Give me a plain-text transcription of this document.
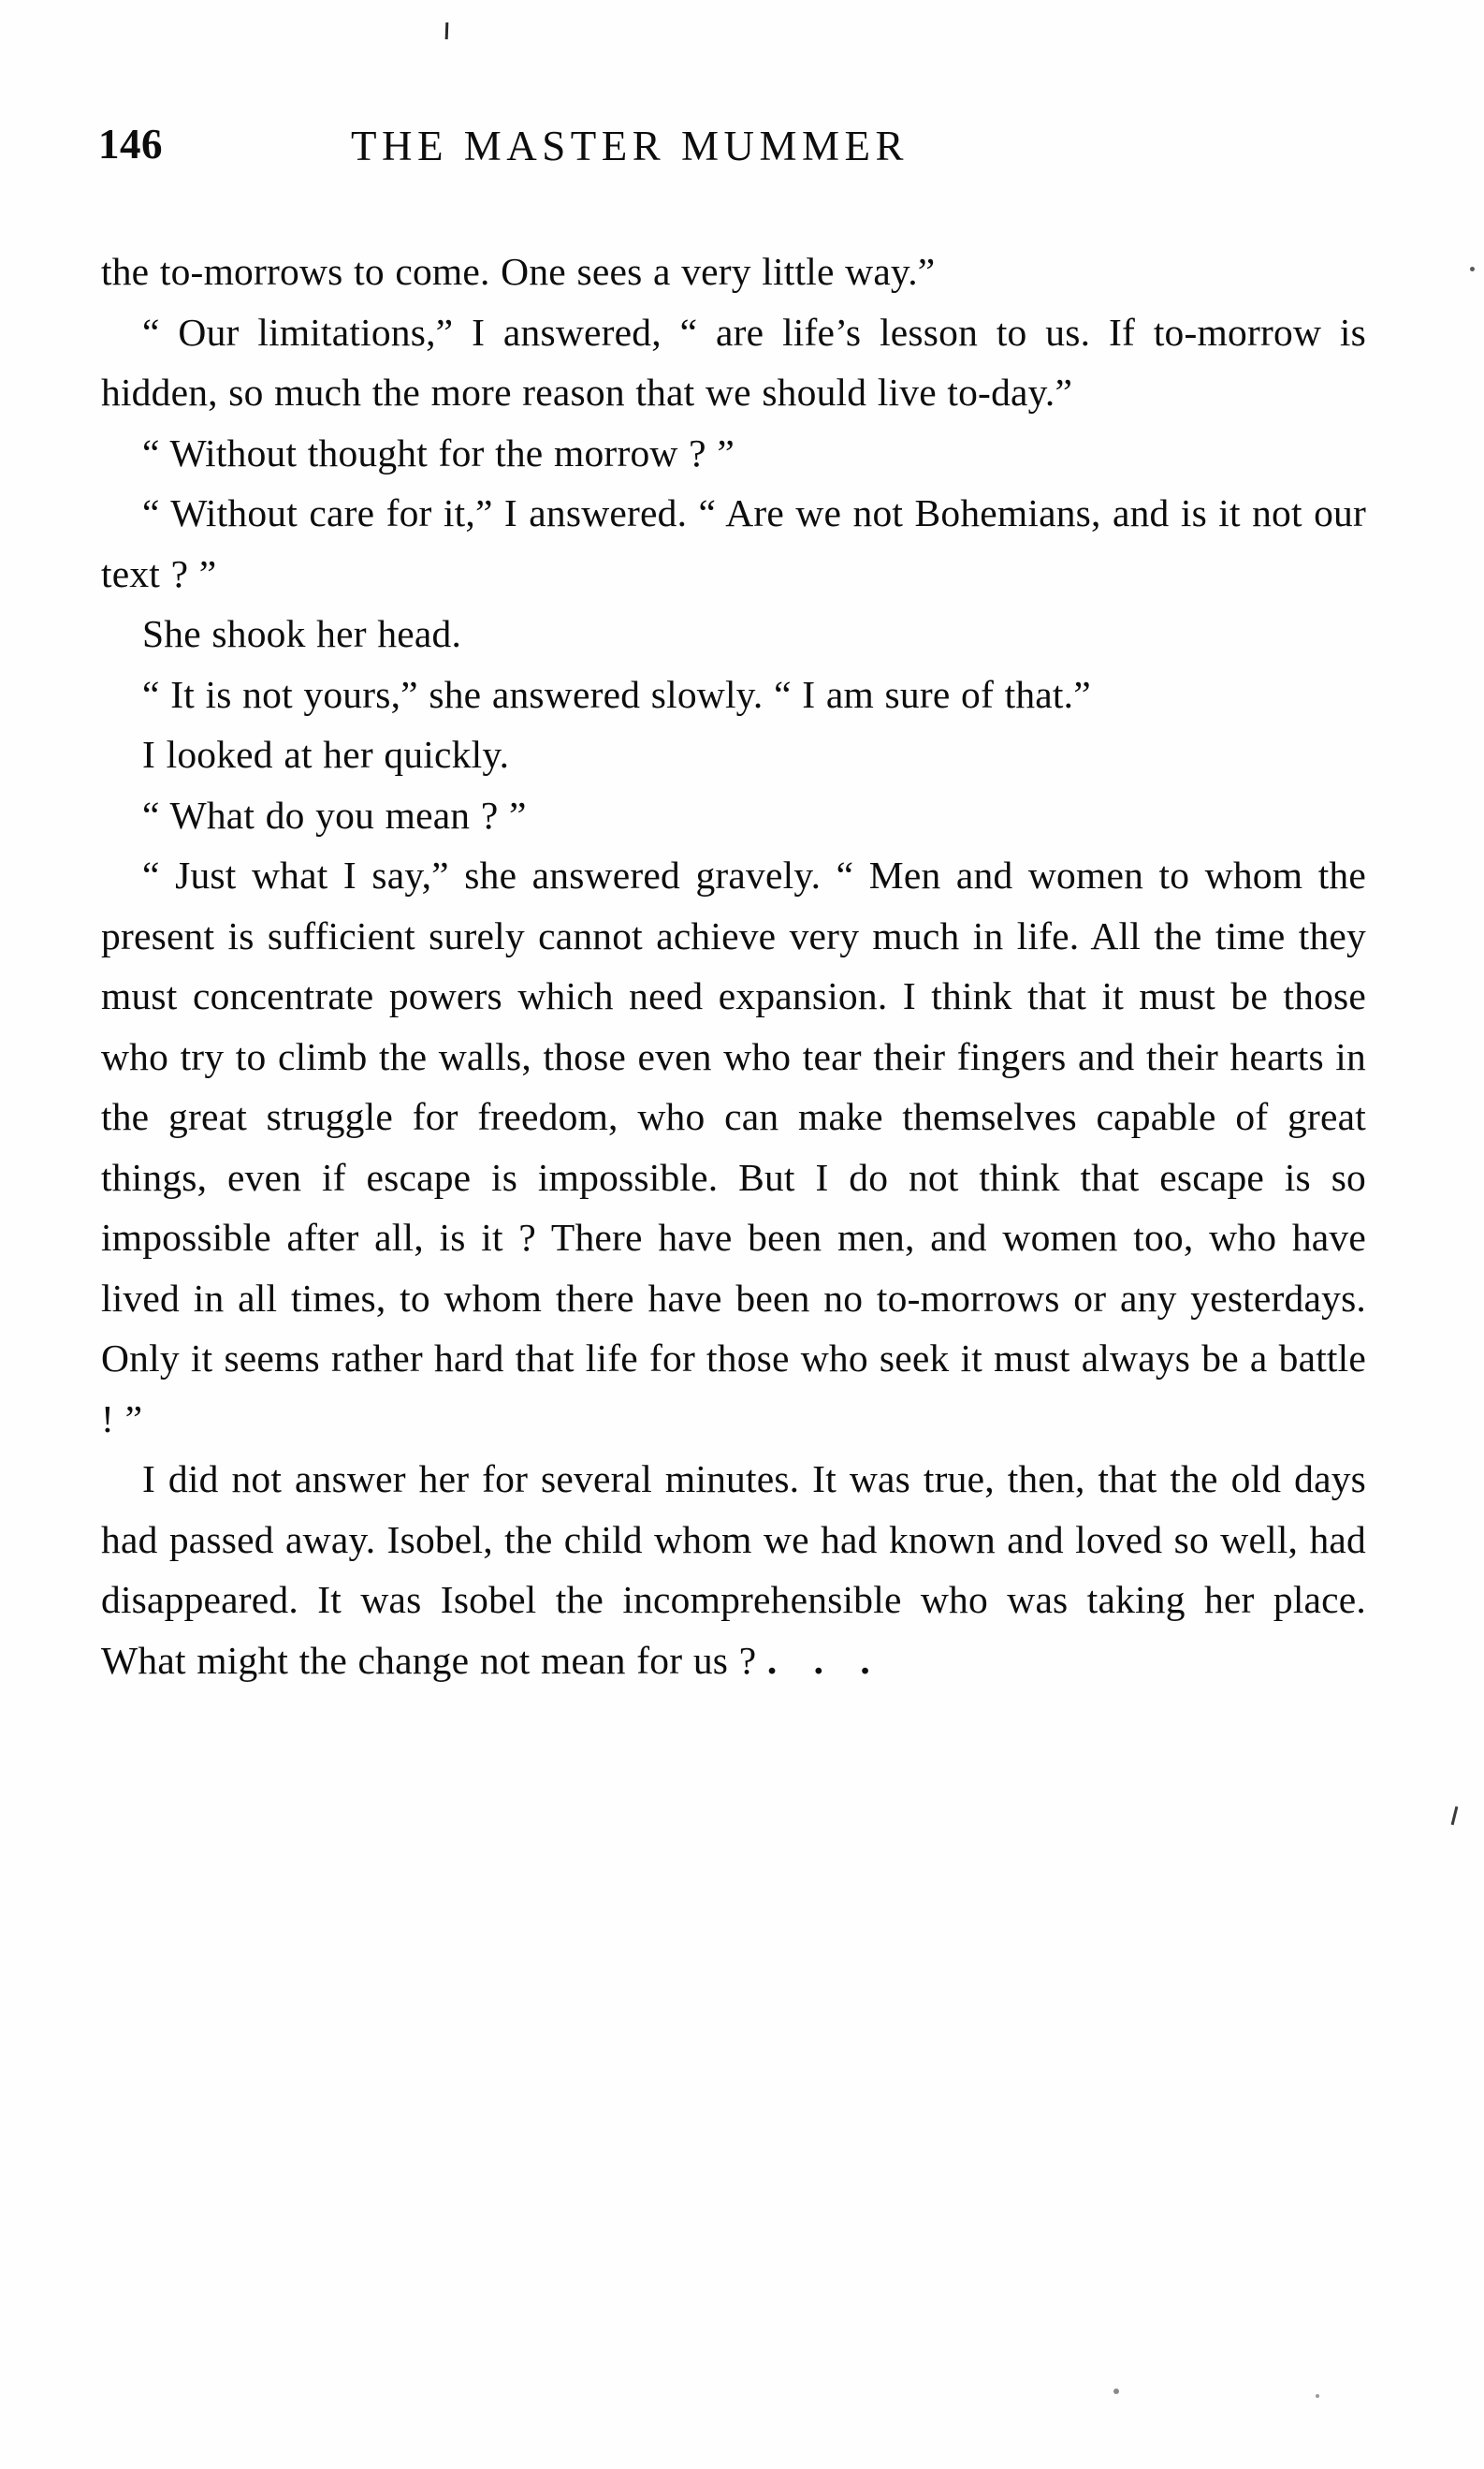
146	THE MASTER MUMMER

the to-morrows to come. One sees a very little way.”

“ Our limitations,” I answered, “ are life’s lesson to us. If to-morrow is hidden, so much the more reason that we should live to-day.”

“ Without thought for the morrow ? ”

“ Without care for it,” I answered. “ Are we not Bohemians, and is it not our text ? ”

She shook her head.

“ It is not yours,” she answered slowly. “ I am sure of that.”

I looked at her quickly.

“ What do you mean ? ”

“ Just what I say,” she answered gravely. “ Men and women to whom the present is sufficient surely cannot achieve very much in life. All the time they must concentrate powers which need expansion. I think that it must be those who try to climb the walls, those even who tear their fingers and their hearts in the great struggle for freedom, who can make themselves capable of great things, even if escape is impossible. But I do not think that escape is so impossible after all, is it ? There have been men, and women too, who have lived in all times, to whom there have been no to-morrows or any yesterdays. Only it seems rather hard that life for those who seek it must always be a battle ! ”

I did not answer her for several minutes. It was true, then, that the old days had passed away. Isobel, the child whom we had known and loved so well, had disappeared. It was Isobel the incomprehensible who was taking her place. What might the change not mean for us ? . . .
